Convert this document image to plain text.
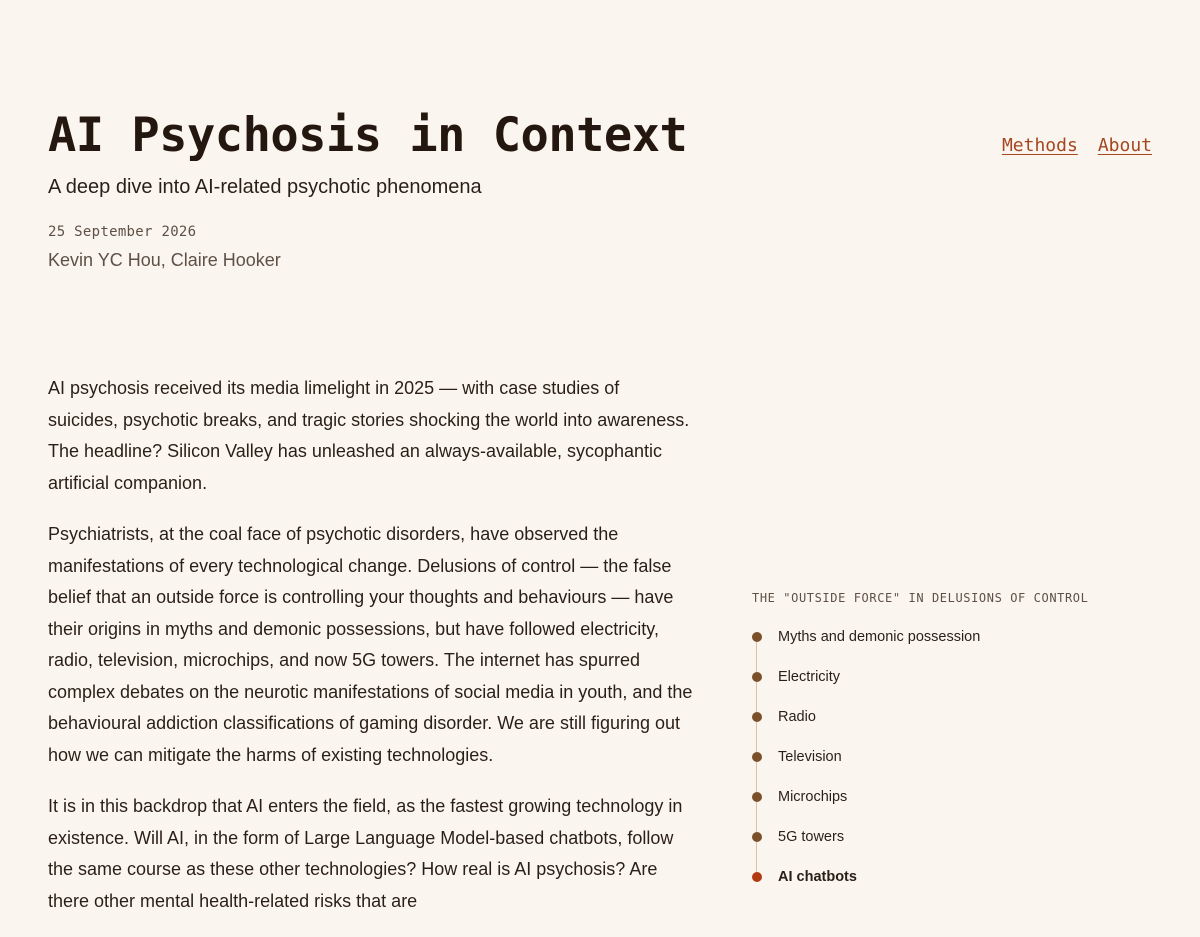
AI Psychosis in Context	Methods About
A deep dive into AI-related psychotic phenomena
25 September 2026
Kevin YC Hou, Claire Hooker

AI psychosis received its media limelight in 2025 — with case studies of suicides, psychotic breaks, and tragic stories shocking the world into awareness. The headline? Silicon Valley has unleashed an always-available, sycophantic artificial companion.

Psychiatrists, at the coal face of psychotic disorders, have observed the manifestations of every technological change. Delusions of control — the false belief that an outside force is controlling your thoughts and behaviours — have their origins in myths and demonic possessions, but have followed electricity, radio, television, microchips, and now 5G towers. The internet has spurred complex debates on the neurotic manifestations of social media in youth, and the behavioural addiction classifications of gaming disorder. We are still figuring out how we can mitigate the harms of existing technologies.

It is in this backdrop that AI enters the field, as the fastest growing technology in existence. Will AI, in the form of Large Language Model-based chatbots, follow the same course as these other technologies? How real is AI psychosis? Are there other mental health-related risks that are

THE "OUTSIDE FORCE" IN DELUSIONS OF CONTROL
Myths and demonic possession
Electricity
Radio
Television
Microchips
5G towers
AI chatbots
